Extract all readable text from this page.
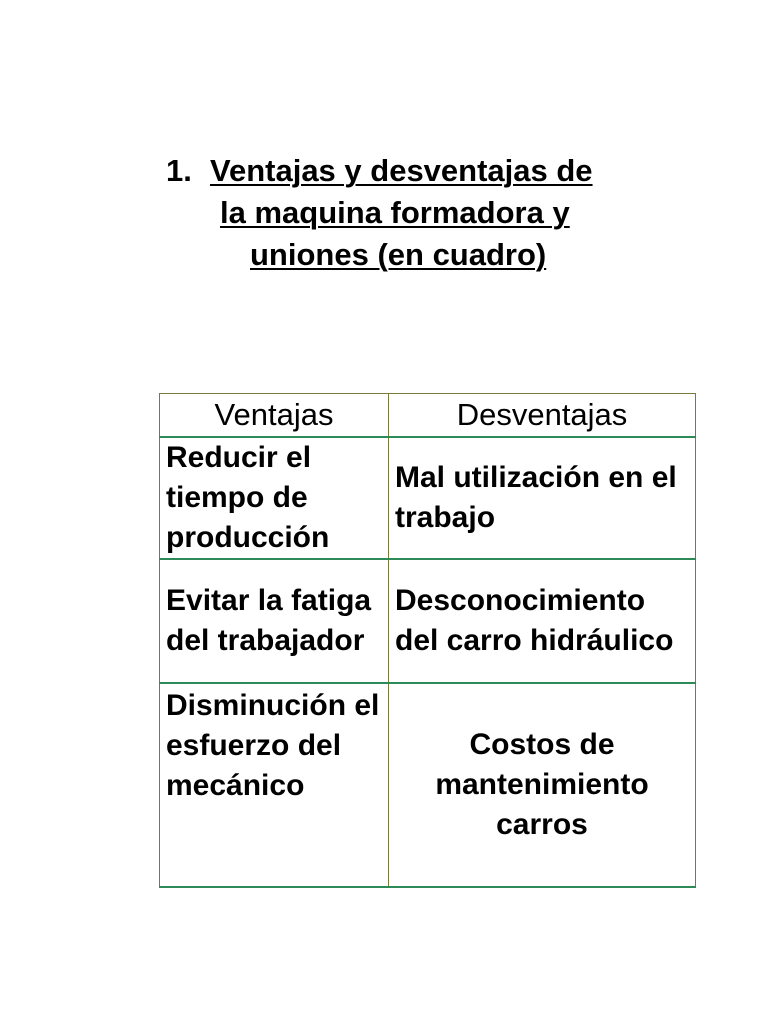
1. Ventajas y desventajas de
la maquina formadora y
uniones (en cuadro)
Ventajas	Desventajas
Reducir el tiempo de producción	Mal utilización en el trabajo
Evitar la fatiga del trabajador	Desconocimiento del carro hidráulico
Disminución el esfuerzo del mecánico	Costos de mantenimiento carros
